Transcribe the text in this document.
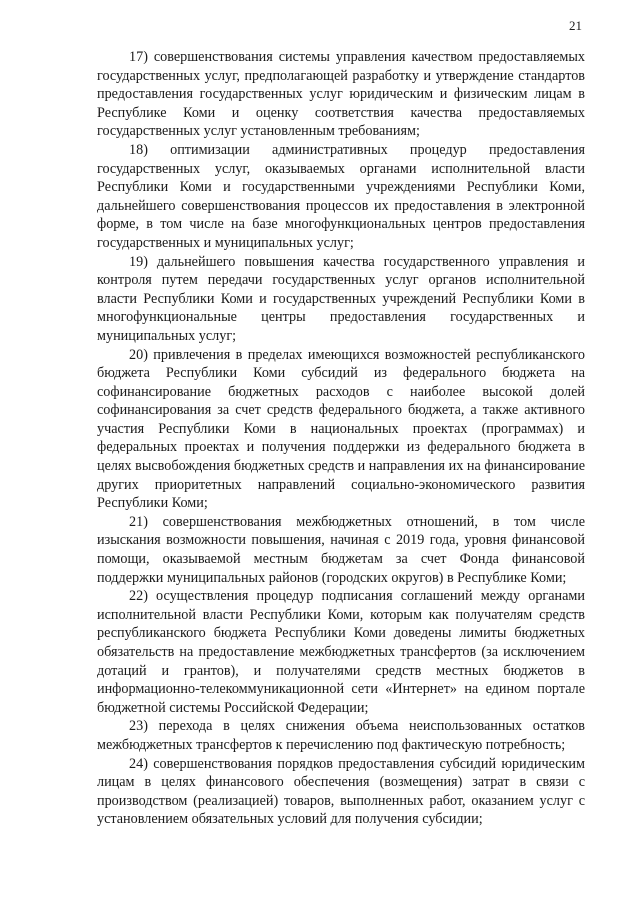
21

17) совершенствования системы управления качеством предоставляемых государственных услуг, предполагающей разработку и утверждение стандартов предоставления государственных услуг юридическим и физическим лицам в Республике Коми и оценку соответствия качества предоставляемых государственных услуг установленным требованиям;

18) оптимизации административных процедур предоставления государственных услуг, оказываемых органами исполнительной власти Республики Коми и государственными учреждениями Республики Коми, дальнейшего совершенствования процессов их предоставления в электронной форме, в том числе на базе многофункциональных центров предоставления государственных и муниципальных услуг;

19) дальнейшего повышения качества государственного управления и контроля путем передачи государственных услуг органов исполнительной власти Республики Коми и государственных учреждений Республики Коми в многофункциональные центры предоставления государственных и муниципальных услуг;

20) привлечения в пределах имеющихся возможностей республиканского бюджета Республики Коми субсидий из федерального бюджета на софинансирование бюджетных расходов с наиболее высокой долей софинансирования за счет средств федерального бюджета, а также активного участия Республики Коми в национальных проектах (программах) и федеральных проектах и получения поддержки из федерального бюджета в целях высвобождения бюджетных средств и направления их на финансирование других приоритетных направлений социально-экономического развития Республики Коми;

21) совершенствования межбюджетных отношений, в том числе изыскания возможности повышения, начиная с 2019 года, уровня финансовой помощи, оказываемой местным бюджетам за счет Фонда финансовой поддержки муниципальных районов (городских округов) в Республике Коми;

22) осуществления процедур подписания соглашений между органами исполнительной власти Республики Коми, которым как получателям средств республиканского бюджета Республики Коми доведены лимиты бюджетных обязательств на предоставление межбюджетных трансфертов (за исключением дотаций и грантов), и получателями средств местных бюджетов в информационно-телекоммуникационной сети «Интернет» на едином портале бюджетной системы Российской Федерации;

23) перехода в целях снижения объема неиспользованных остатков межбюджетных трансфертов к перечислению под фактическую потребность;

24) совершенствования порядков предоставления субсидий юридическим лицам в целях финансового обеспечения (возмещения) затрат в связи с производством (реализацией) товаров, выполненных работ, оказанием услуг с установлением обязательных условий для получения субсидии;
